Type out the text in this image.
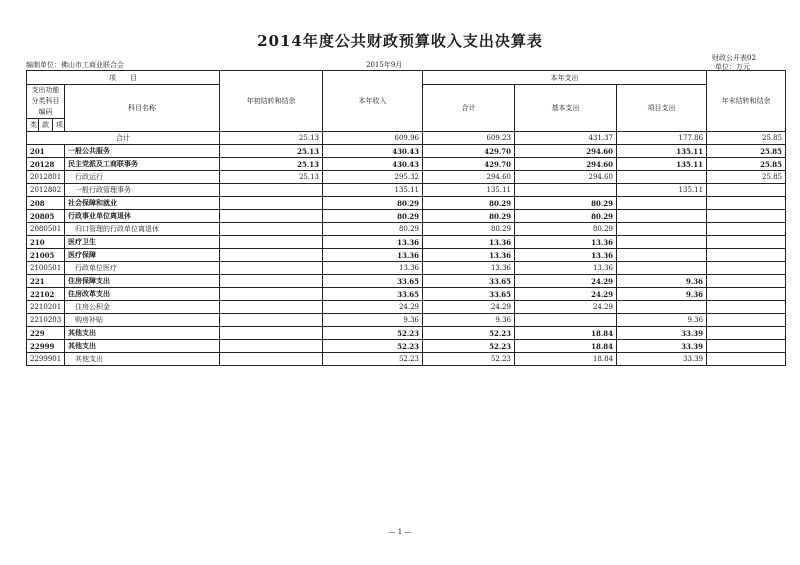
2014年度公共财政预算收入支出决算表
编制单位：佛山市工商业联合会	2015年9月
财政公开表02
单位：万元
项　　目				年初结转和结余	本年收入	本年支出			年末结转和结余	
支出功能分类科目编码			科目名称			合计	基本支出	项目支出		
类	款	项							
合计				25.13	609.96	609.23	431.37	177.86	25.85	
201			一般公共服务	25.13	430.43	429.70	294.60	135.11	25.85	
20128			民主党派及工商联事务	25.13	430.43	429.70	294.60	135.11	25.85	
2012801			行政运行	25.13	295.32	294.60	294.60		25.85	
2012802			一般行政管理事务		135.11	135.11		135.11		
208			社会保障和就业		80.29	80.29	80.29			
20805			行政事业单位离退休		80.29	80.29	80.29			
2080501			归口管理的行政单位离退休		80.29	80.29	80.29			
210			医疗卫生		13.36	13.36	13.36			
21005			医疗保障		13.36	13.36	13.36			
2100501			行政单位医疗		13.36	13.36	13.36			
221			住房保障支出		33.65	33.65	24.29	9.36		
22102			住房改革支出		33.65	33.65	24.29	9.36		
2210201			住房公积金		24.29	24.29	24.29			
2210203			购房补贴		9.36	9.36		9.36		
229			其他支出		52.23	52.23	18.84	33.39		
22999			其他支出		52.23	52.23	18.84	33.39		
2299901			其他支出		52.23	52.23	18.84	33.39		
— 1 —
